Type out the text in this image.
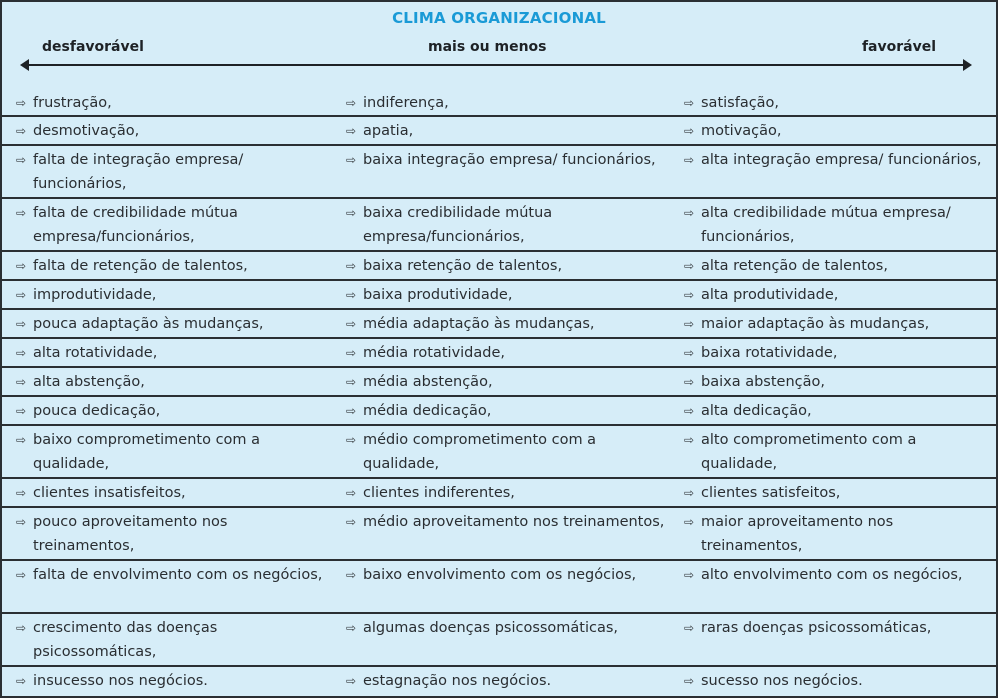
CLIMA ORGANIZACIONAL
desfavorável	mais ou menos	favorável
⇨ frustração,	⇨ indiferença,	⇨ satisfação,

⇨ desmotivação,	⇨ apatia,	⇨ motivação,

⇨ falta de integração empresa/ funcionários,	⇨ baixa integração empresa/ funcionários,	⇨ alta integração empresa/ funcionários,

⇨ falta de credibilidade mútua empresa/funcionários,	⇨ baixa credibilidade mútua empresa/funcionários,	⇨ alta credibilidade mútua empresa/ funcionários,

⇨ falta de retenção de talentos,	⇨ baixa retenção de talentos,	⇨ alta retenção de talentos,

⇨ improdutividade,	⇨ baixa produtividade,	⇨ alta produtividade,

⇨ pouca adaptação às mudanças,	⇨ média adaptação às mudanças,	⇨ maior adaptação às mudanças,

⇨ alta rotatividade,	⇨ média rotatividade,	⇨ baixa rotatividade,

⇨ alta abstenção,	⇨ média abstenção,	⇨ baixa abstenção,

⇨ pouca dedicação,	⇨ média dedicação,	⇨ alta dedicação,

⇨ baixo comprometimento com a qualidade,	⇨ médio comprometimento com a qualidade,	⇨ alto comprometimento com a qualidade,

⇨ clientes insatisfeitos,	⇨ clientes indiferentes,	⇨ clientes satisfeitos,

⇨ pouco aproveitamento nos treinamentos,	⇨ médio aproveitamento nos treinamentos,	⇨ maior aproveitamento nos treinamentos,

⇨ falta de envolvimento com os negócios,	⇨ baixo envolvimento com os negócios,	⇨ alto envolvimento com os negócios,

⇨ crescimento das doenças psicossomáticas,	⇨ algumas doenças psicossomáticas,	⇨ raras doenças psicossomáticas,

⇨ insucesso nos negócios.	⇨ estagnação nos negócios.	⇨ sucesso nos negócios.
